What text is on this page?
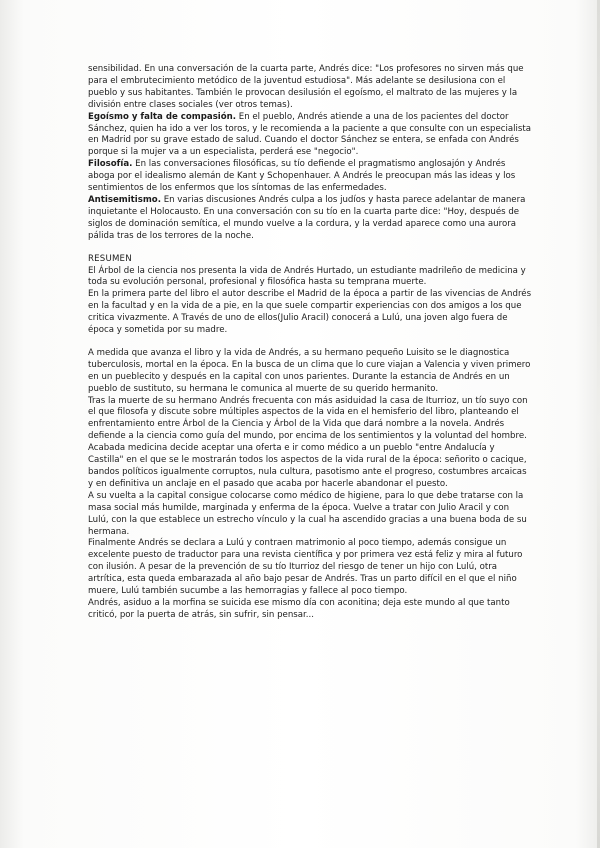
sensibilidad. En una conversación de la cuarta parte, Andrés dice: "Los profesores no sirven más que para el embrutecimiento metódico de la juventud estudiosa". Más adelante se desilusiona con el pueblo y sus habitantes. También le provocan desilusión el egoísmo, el maltrato de las mujeres y la división entre clases sociales (ver otros temas).

Egoísmo y falta de compasión. En el pueblo, Andrés atiende a una de los pacientes del doctor Sánchez, quien ha ido a ver los toros, y le recomienda a la paciente a que consulte con un especialista en Madrid por su grave estado de salud. Cuando el doctor Sánchez se entera, se enfada con Andrés porque si la mujer va a un especialista, perderá ese "negocio".

Filosofía. En las conversaciones filosóficas, su tío defiende el pragmatismo anglosajón y Andrés aboga por el idealismo alemán de Kant y Schopenhauer. A Andrés le preocupan más las ideas y los sentimientos de los enfermos que los síntomas de las enfermedades.

Antisemitismo. En varias discusiones Andrés culpa a los judíos y hasta parece adelantar de manera inquietante el Holocausto. En una conversación con su tío en la cuarta parte dice: "Hoy, después de siglos de dominación semítica, el mundo vuelve a la cordura, y la verdad aparece como una aurora pálida tras de los terrores de la noche.

RESUMEN

El Árbol de la ciencia nos presenta la vida de Andrés Hurtado, un estudiante madrileño de medicina y toda su evolución personal, profesional y filosófica hasta su temprana muerte.

En la primera parte del libro el autor describe el Madrid de la época a partir de las vivencias de Andrés en la facultad y en la vida de a pie, en la que suele compartir experiencias con dos amigos a los que critica vivazmente. A Través de uno de ellos(Julio Aracil) conocerá a Lulú, una joven algo fuera de época y sometida por su madre.

A medida que avanza el libro y la vida de Andrés, a su hermano pequeño Luisito se le diagnostica tuberculosis, mortal en la época. En la busca de un clima que lo cure viajan a Valencia y viven primero en un pueblecito y después en la capital con unos parientes. Durante la estancia de Andrés en un pueblo de sustituto, su hermana le comunica al muerte de su querido hermanito.

Tras la muerte de su hermano Andrés frecuenta con más asiduidad la casa de Iturrioz, un tío suyo con el que filosofa y discute sobre múltiples aspectos de la vida en el hemisferio del libro, planteando el enfrentamiento entre Árbol de la Ciencia y Árbol de la Vida que dará nombre a la novela. Andrés defiende a la ciencia como guía del mundo, por encima de los sentimientos y la voluntad del hombre.

Acabada medicina decide aceptar una oferta e ir como médico a un pueblo "entre Andalucía y Castilla" en el que se le mostrarán todos los aspectos de la vida rural de la época: señorito o cacique, bandos políticos igualmente corruptos, nula cultura, pasotismo ante el progreso, costumbres arcaicas y en definitiva un anclaje en el pasado que acaba por hacerle abandonar el puesto.

A su vuelta a la capital consigue colocarse como médico de higiene, para lo que debe tratarse con la masa social más humilde, marginada y enferma de la época. Vuelve a tratar con Julio Aracil y con Lulú, con la que establece un estrecho vínculo y la cual ha ascendido gracias a una buena boda de su hermana.

Finalmente Andrés se declara a Lulú y contraen matrimonio al poco tiempo, además consigue un excelente puesto de traductor para una revista científica y por primera vez está feliz y mira al futuro con ilusión. A pesar de la prevención de su tío Iturrioz del riesgo de tener un hijo con Lulú, otra artrítica, esta queda embarazada al año bajo pesar de Andrés. Tras un parto difícil en el que el niño muere, Lulú también sucumbe a las hemorragias y fallece al poco tiempo.

Andrés, asiduo a la morfina se suicida ese mismo día con aconitina; deja este mundo al que tanto criticó, por la puerta de atrás, sin sufrir, sin pensar...
